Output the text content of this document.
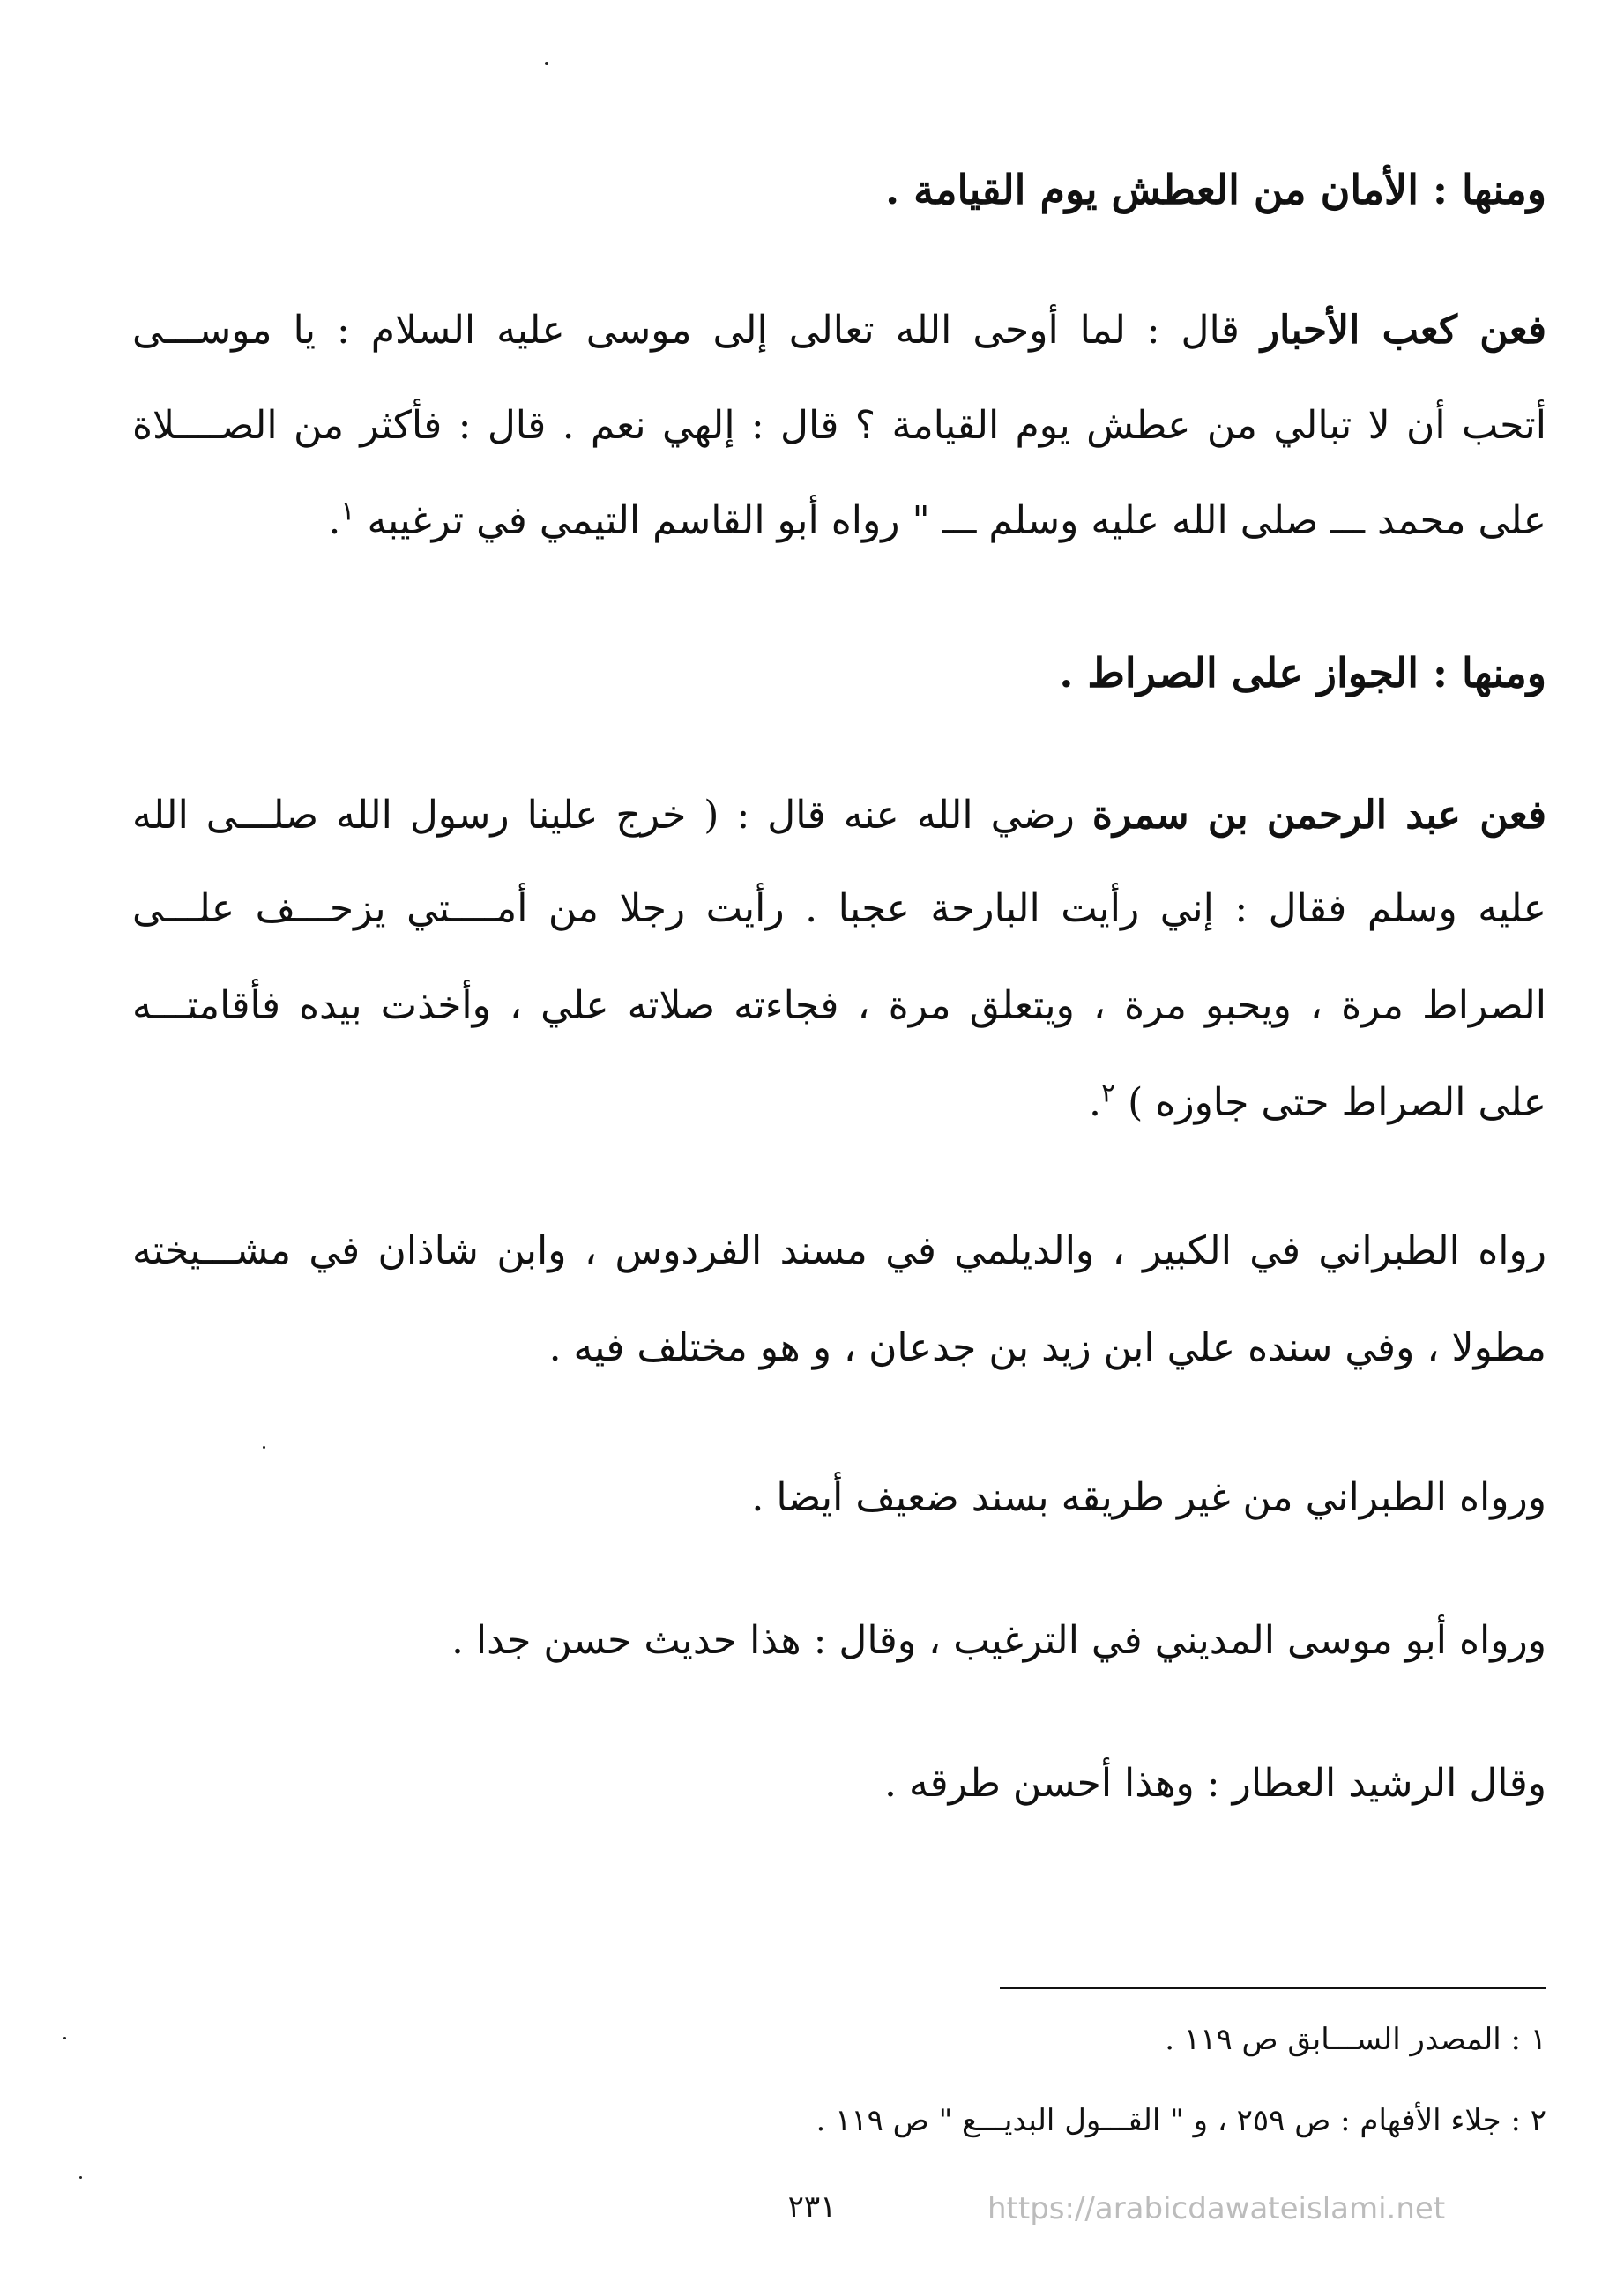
ومنها : الأمان من العطش يوم القيامة .
فعن كعب الأحبار قال : لما أوحى الله تعالى إلى موسى عليه السلام : يا موســـى
أتحب أن لا تبالي من عطش يوم القيامة ؟ قال : إلهي نعم . قال : فأكثر من الصــــلاة
على محمد ـــ صلى الله عليه وسلم ـــ " رواه أبو القاسم التيمي في ترغيبه $^١$.
ومنها : الجواز على الصراط .
فعن عبد الرحمن بن سمرة رضي الله عنه قال : ( خرج علينا رسول الله صلـــى الله
عليه وسلم فقال : إني رأيت البارحة عجبا . رأيت رجلا من أمــــتي يزحـــف علـــى
الصراط مرة ، ويحبو مرة ، ويتعلق مرة ، فجاءته صلاته علي ، وأخذت بيده فأقامتـــه
على الصراط حتى جاوزه ) $^٢$.
رواه الطبراني في الكبير ، والديلمي في مسند الفردوس ، وابن شاذان في مشـــيخته
مطولا ، وفي سنده علي ابن زيد بن جدعان ، و هو مختلف فيه .
ورواه الطبراني من غير طريقه بسند ضعيف أيضا .
ورواه أبو موسى المديني في الترغيب ، وقال : هذا حديث حسن جدا .
وقال الرشيد العطار : وهذا أحسن طرقه .
١ : المصدر الســـابق ص ١١٩ .
٢ : جلاء الأفهام : ص ٢٥٩ ، و " القـــول البديـــع " ص ١١٩ .
٢٣١	https://arabicdawateislami.net
